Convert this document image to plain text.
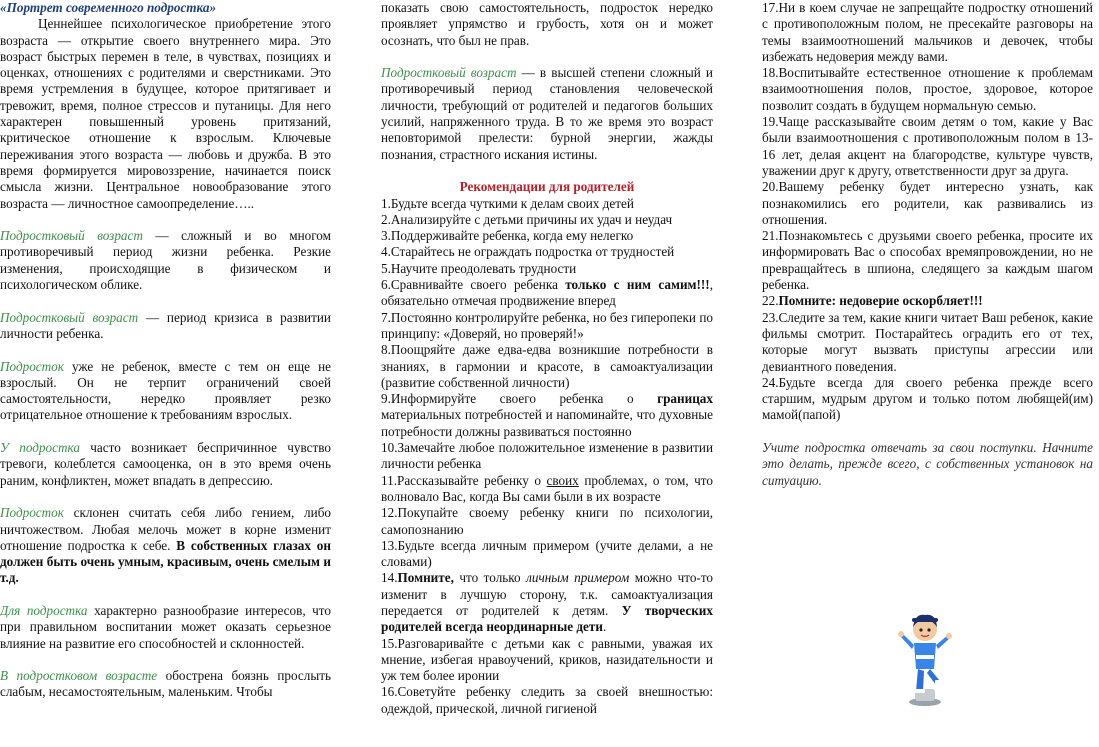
«Портрет современного подростка»

Ценнейшее психологическое приобретение этого возраста — открытие своего внутреннего мира. Это возраст быстрых перемен в теле, в чувствах, позициях и оценках, отношениях с родителями и сверстниками. Это время устремления в будущее, которое притягивает и тревожит, время, полное стрессов и путаницы. Для него характерен повышенный уровень притязаний, критическое отношение к взрослым. Ключевые переживания этого возраста — любовь и дружба. В это время формируется мировоззрение, начинается поиск смысла жизни. Центральное новообразование этого возраста — личностное самоопределение…..

Подростковый возраст — сложный и во многом противоречивый период жизни ребенка. Резкие изменения, происходящие в физическом и психологическом облике.

Подростковый возраст — период кризиса в развитии личности ребенка.

Подросток уже не ребенок, вместе с тем он еще не взрослый. Он не терпит ограничений своей самостоятельности, нередко проявляет резко отрицательное отношение к требованиям взрослых.

У подростка часто возникает беспричинное чувство тревоги, колеблется самооценка, он в это время очень раним, конфликтен, может впадать в депрессию.

Подросток склонен считать себя либо гением, либо ничтожеством. Любая мелочь может в корне изменит отношение подростка к себе. В собственных глазах он должен быть очень умным, красивым, очень смелым и т.д.

Для подростка характерно разнообразие интересов, что при правильном воспитании может оказать серьезное влияние на развитие его способностей и склонностей.

В подростковом возрасте обострена боязнь прослыть слабым, несамостоятельным, маленьким. Чтобы

показать свою самостоятельность, подросток нередко проявляет упрямство и грубость, хотя он и может осознать, что был не прав.

Подростковый возраст — в высшей степени сложный и противоречивый период становления человеческой личности, требующий от родителей и педагогов больших усилий, напряженного труда. В то же время это возраст неповторимой прелести: бурной энергии, жажды познания, страстного искания истины.

Рекомендации для родителей

1.Будьте всегда чуткими к делам своих детей

2.Анализируйте с детьми причины их удач и неудач

3.Поддерживайте ребенка, когда ему нелегко

4.Старайтесь не ограждать подростка от трудностей

5.Научите преодолевать трудности

6.Сравнивайте своего ребенка только с ним самим!!!, обязательно отмечая продвижение вперед

7.Постоянно контролируйте ребенка, но без гиперопеки по принципу: «Доверяй, но проверяй!»

8.Поощряйте даже едва-едва возникшие потребности в знаниях, в гармонии и красоте, в самоактуализации (развитие собственной личности)

9.Информируйте своего ребенка о границах материальных потребностей и напоминайте, что духовные потребности должны развиваться постоянно

10.Замечайте любое положительное изменение в развитии личности ребенка

11.Рассказывайте ребенку о своих проблемах, о том, что волновало Вас, когда Вы сами были в их возрасте

12.Покупайте своему ребенку книги по психологии, самопознанию

13.Будьте всегда личным примером (учите делами, а не словами)

14.Помните, что только личным примером можно что-то изменит в лучшую сторону, т.к. самоактуализация передается от родителей к детям. У творческих родителей всегда неординарные дети.

15.Разговаривайте с детьми как с равными, уважая их мнение, избегая нравоучений, криков, назидательности и уж тем более иронии

16.Советуйте ребенку следить за своей внешностью: одеждой, прической, личной гигиеной

17.Ни в коем случае не запрещайте подростку отношений с противоположным полом, не пресекайте разговоры на темы взаимоотношений мальчиков и девочек, чтобы избежать недоверия между вами.

18.Воспитывайте естественное отношение к проблемам взаимоотношения полов, простое, здоровое, которое позволит создать в будущем нормальную семью.

19.Чаще рассказывайте своим детям о том, какие у Вас были взаимоотношения с противоположным полом в 13-16 лет, делая акцент на благородстве, культуре чувств, уважении друг к другу, ответственности друг за друга.

20.Вашему ребенку будет интересно узнать, как познакомились его родители, как развивались из отношения.

21.Познакомьтесь с друзьями своего ребенка, просите их информировать Вас о способах времяпровождении, но не превращайтесь в шпиона, следящего за каждым шагом ребенка.

22.Помните: недоверие оскорбляет!!!

23.Следите за тем, какие книги читает Ваш ребенок, какие фильмы смотрит. Постарайтесь оградить его от тех, которые могут вызвать приступы агрессии или девиантного поведения.

24.Будьте всегда для своего ребенка прежде всего старшим, мудрым другом и только потом любящей(им) мамой(папой)

Учите подростка отвечать за свои поступки. Начните это делать, прежде всего, с собственных установок на ситуацию.
